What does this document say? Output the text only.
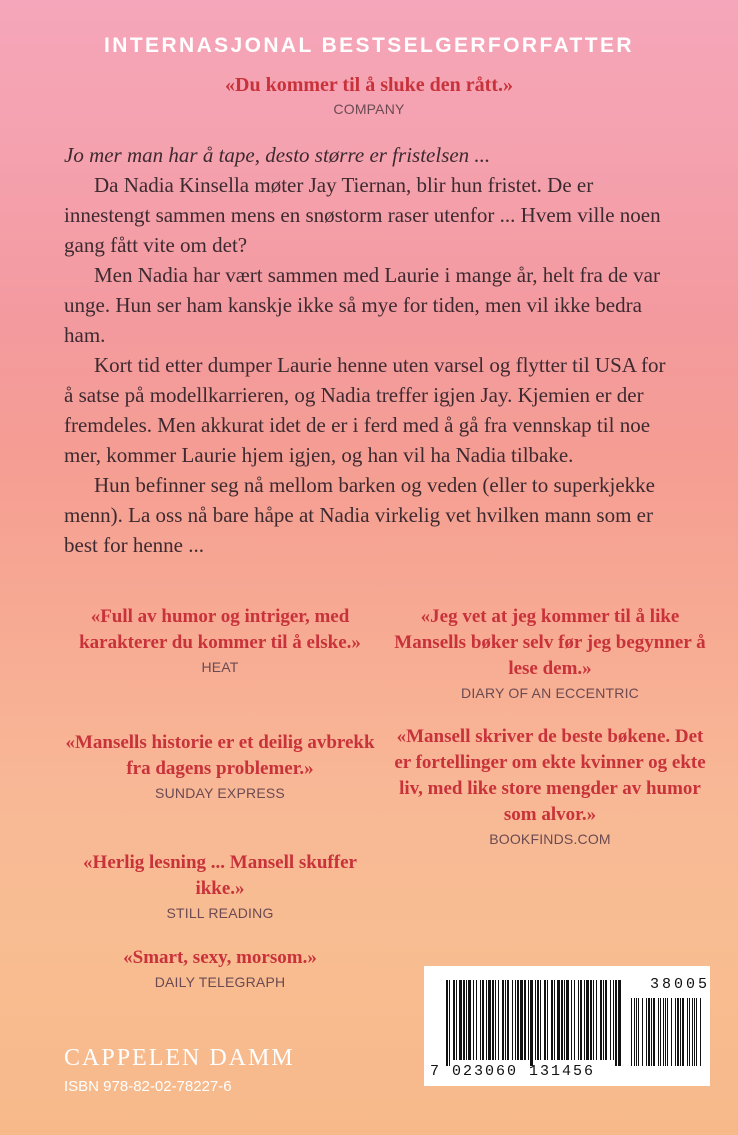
INTERNASJONAL BESTSELGERFORFATTER
«Du kommer til å sluke den rått.»
COMPANY

Jo mer man har å tape, desto større er fristelsen ...

Da Nadia Kinsella møter Jay Tiernan, blir hun fristet. De er innestengt sammen mens en snøstorm raser utenfor ... Hvem ville noen gang fått vite om det?

Men Nadia har vært sammen med Laurie i mange år, helt fra de var unge. Hun ser ham kanskje ikke så mye for tiden, men vil ikke bedra ham.

Kort tid etter dumper Laurie henne uten varsel og flytter til USA for å satse på modellkarrieren, og Nadia treffer igjen Jay. Kjemien er der fremdeles. Men akkurat idet de er i ferd med å gå fra vennskap til noe mer, kommer Laurie hjem igjen, og han vil ha Nadia tilbake.

Hun befinner seg nå mellom barken og veden (eller to superkjekke menn). La oss nå bare håpe at Nadia virkelig vet hvilken mann som er best for henne ...

«Full av humor og intriger, med karakterer du kommer til å elske.»
HEAT
«Mansells historie er et deilig avbrekk fra dagens problemer.»
SUNDAY EXPRESS
«Herlig lesning ... Mansell skuffer ikke.»
STILL READING
«Smart, sexy, morsom.»
DAILY TELEGRAPH
«Jeg vet at jeg kommer til å like Mansells bøker selv før jeg begynner å lese dem.»
DIARY OF AN ECCENTRIC
«Mansell skriver de beste bøkene. Det er fortellinger om ekte kvinner og ekte liv, med like store mengder av humor som alvor.»
BOOKFINDS.COM
38005
7 023060 131456
CAPPELEN DAMM
ISBN 978-82-02-78227-6
